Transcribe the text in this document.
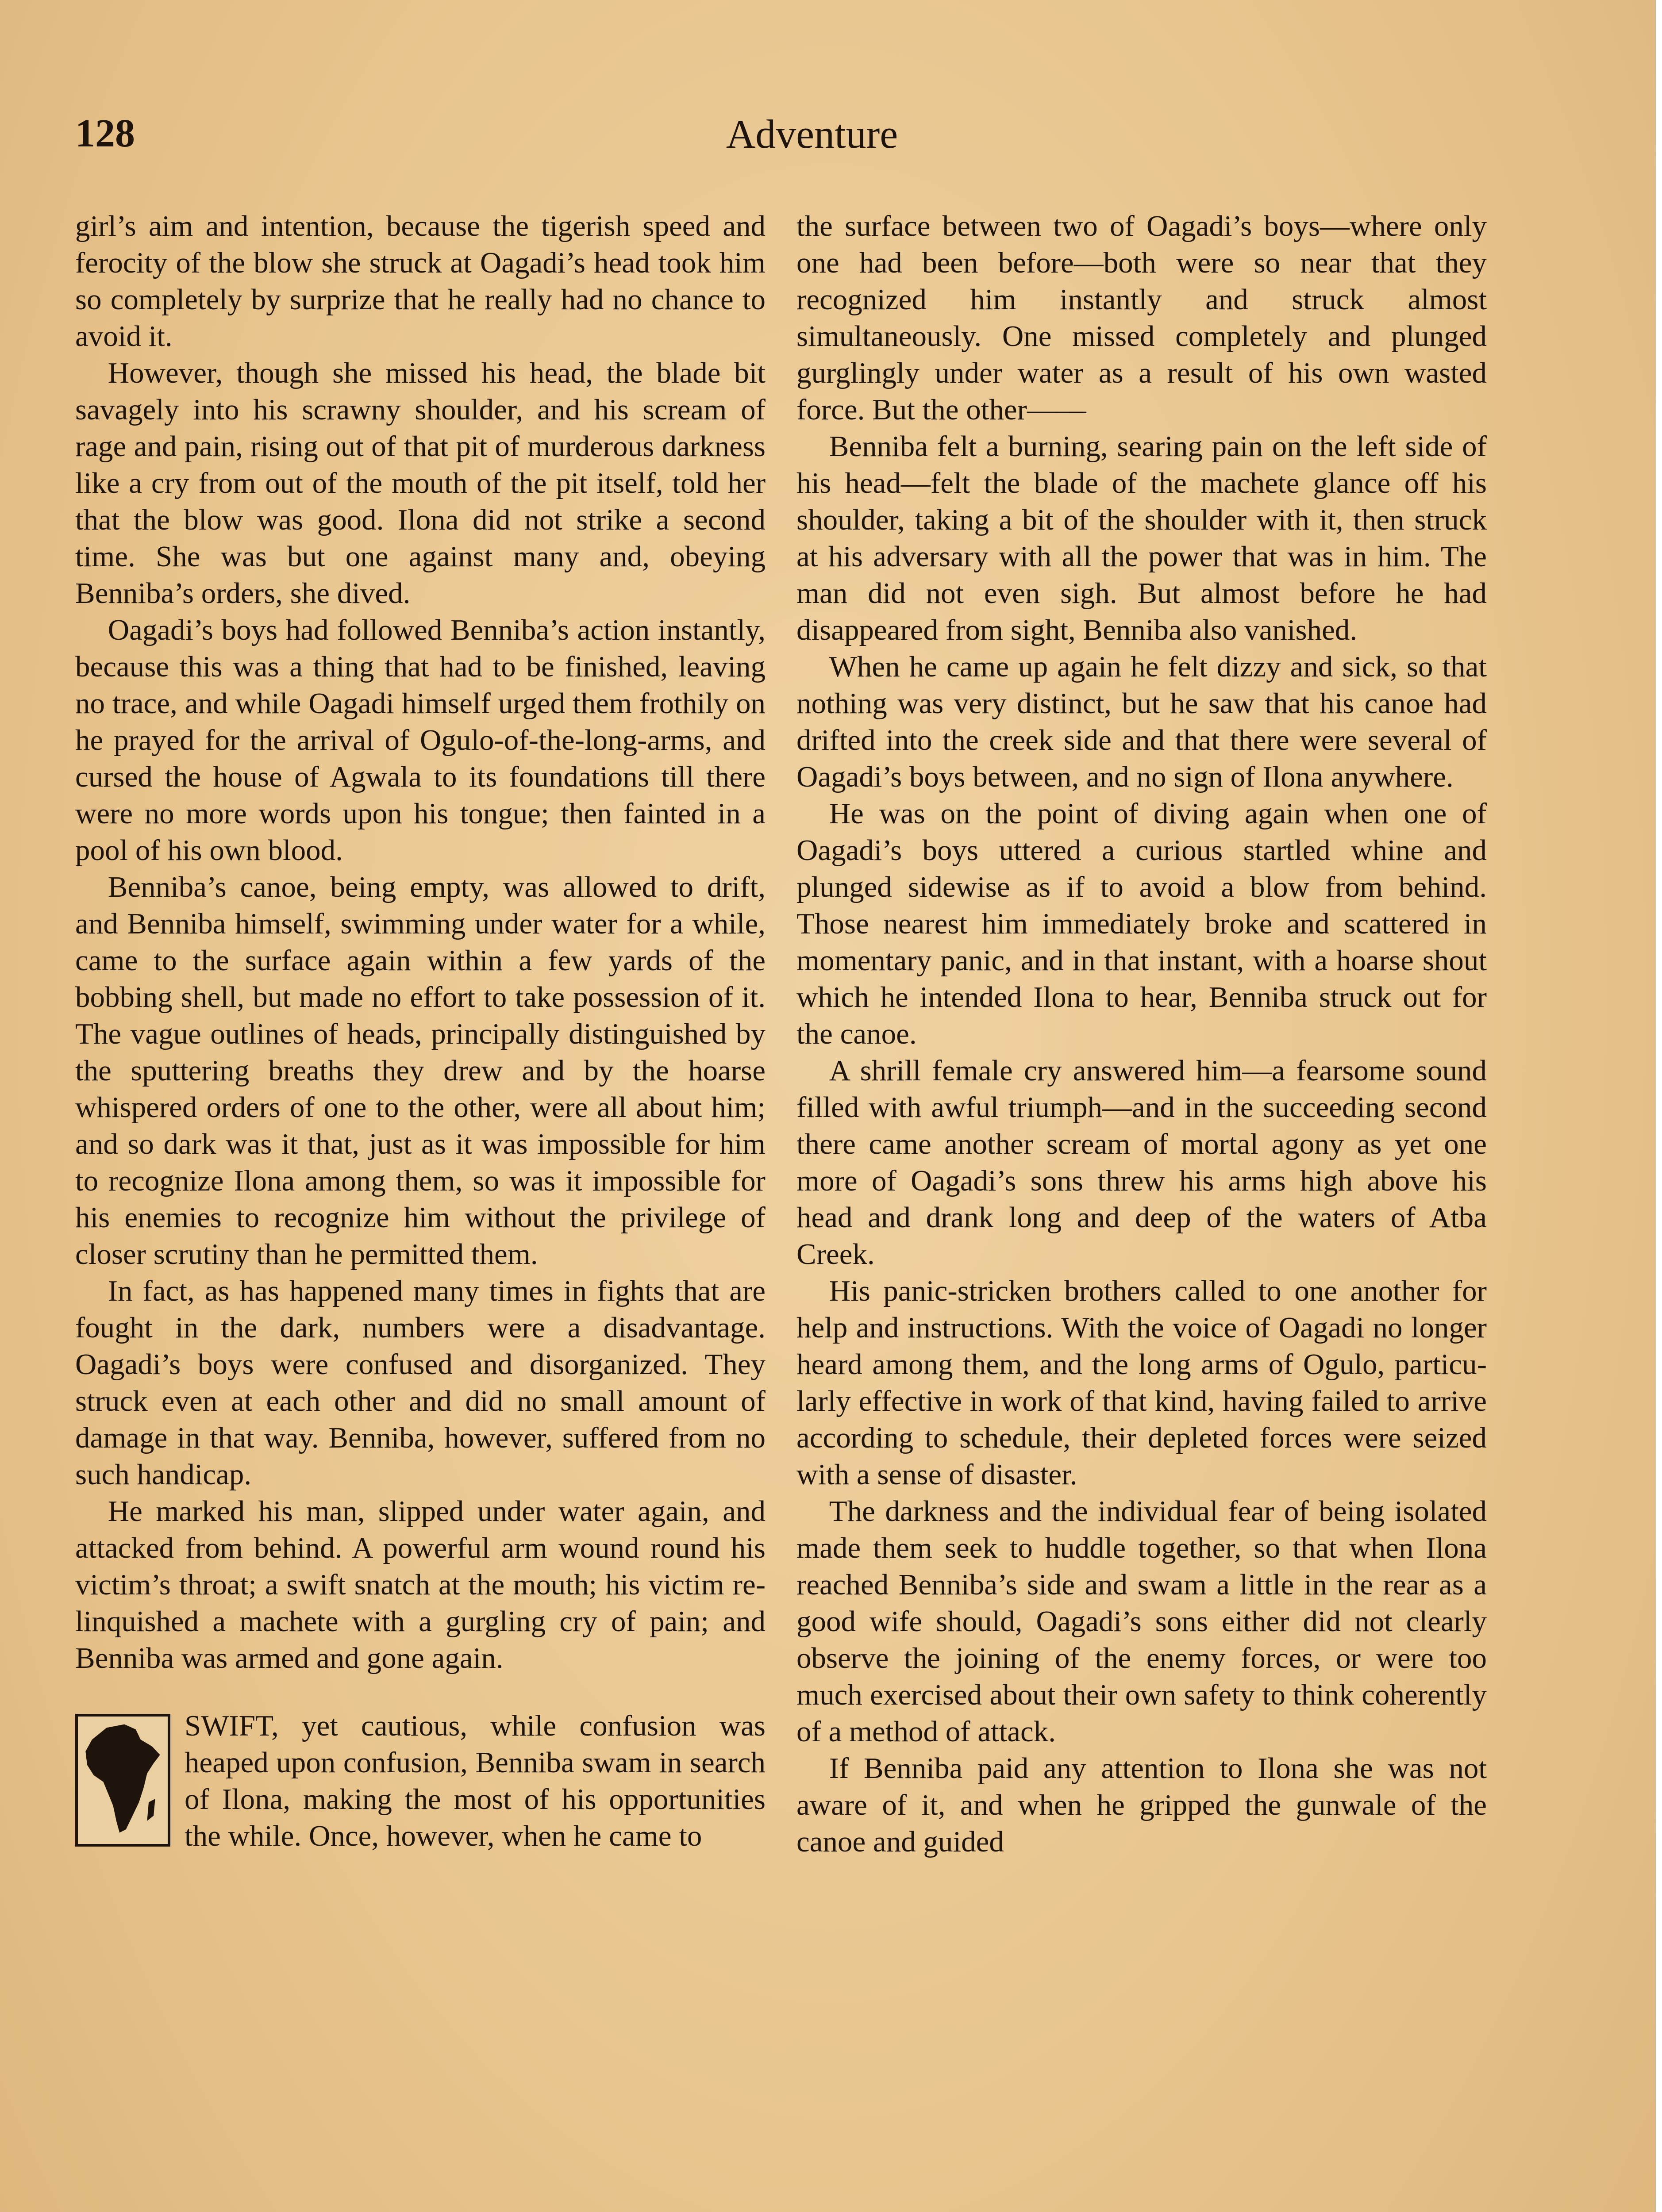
128	Adventure

girl’s aim and intention, because the tigerish speed and ferocity of the blow she struck at Oagadi’s head took him so completely by surprize that he really had no chance to avoid it.

However, though she missed his head, the blade bit savagely into his scrawny shoulder, and his scream of rage and pain, rising out of that pit of murderous darkness like a cry from out of the mouth of the pit itself, told her that the blow was good. Ilona did not strike a second time. She was but one against many and, obeying Benniba’s orders, she dived.

Oagadi’s boys had followed Benniba’s action instantly, because this was a thing that had to be finished, leaving no trace, and while Oagadi himself urged them frothily on he prayed for the arrival of Ogulo-of-the-long-arms, and cursed the house of Agwala to its foundations till there were no more words upon his tongue; then fainted in a pool of his own blood.

Benniba’s canoe, being empty, was allowed to drift, and Benniba himself, swimming under water for a while, came to the surface again within a few yards of the bobbing shell, but made no effort to take possession of it. The vague outlines of heads, principally distinguished by the sputtering breaths they drew and by the hoarse whispered orders of one to the other, were all about him; and so dark was it that, just as it was impossible for him to recognize Ilona among them, so was it impossible for his enemies to recognize him without the privilege of closer scrutiny than he permitted them.

In fact, as has happened many times in fights that are fought in the dark, numbers were a disadvantage. Oagadi’s boys were confused and disorganized. They struck even at each other and did no small amount of damage in that way. Benniba, however, suffered from no such handicap.

He marked his man, slipped under water again, and attacked from behind. A powerful arm wound round his victim’s throat; a swift snatch at the mouth; his victim relinquished a machete with a gurgling cry of pain; and Benniba was armed and gone again.

SWIFT, yet cautious, while confusion was heaped upon confusion, Benniba swam in search of Ilona, making the most of his opportunities the while. Once, however, when he came to

the surface between two of Oagadi’s boys—where only one had been before—both were so near that they recognized him instantly and struck almost simultaneously. One missed completely and plunged gurglingly under water as a result of his own wasted force. But the other——

Benniba felt a burning, searing pain on the left side of his head—felt the blade of the machete glance off his shoulder, taking a bit of the shoulder with it, then struck at his adversary with all the power that was in him. The man did not even sigh. But almost before he had disappeared from sight, Benniba also vanished.

When he came up again he felt dizzy and sick, so that nothing was very distinct, but he saw that his canoe had drifted into the creek side and that there were several of Oagadi’s boys between, and no sign of Ilona anywhere.

He was on the point of diving again when one of Oagadi’s boys uttered a curious startled whine and plunged sidewise as if to avoid a blow from behind. Those nearest him immediately broke and scattered in momentary panic, and in that instant, with a hoarse shout which he intended Ilona to hear, Benniba struck out for the canoe.

A shrill female cry answered him—a fearsome sound filled with awful triumph—and in the succeeding second there came another scream of mortal agony as yet one more of Oagadi’s sons threw his arms high above his head and drank long and deep of the waters of Atba Creek.

His panic-stricken brothers called to one another for help and instructions. With the voice of Oagadi no longer heard among them, and the long arms of Ogulo, particularly effective in work of that kind, having failed to arrive according to schedule, their depleted forces were seized with a sense of disaster.

The darkness and the individual fear of being isolated made them seek to huddle together, so that when Ilona reached Benniba’s side and swam a little in the rear as a good wife should, Oagadi’s sons either did not clearly observe the joining of the enemy forces, or were too much exercised about their own safety to think coherently of a method of attack.

If Benniba paid any attention to Ilona she was not aware of it, and when he gripped the gunwale of the canoe and guided
